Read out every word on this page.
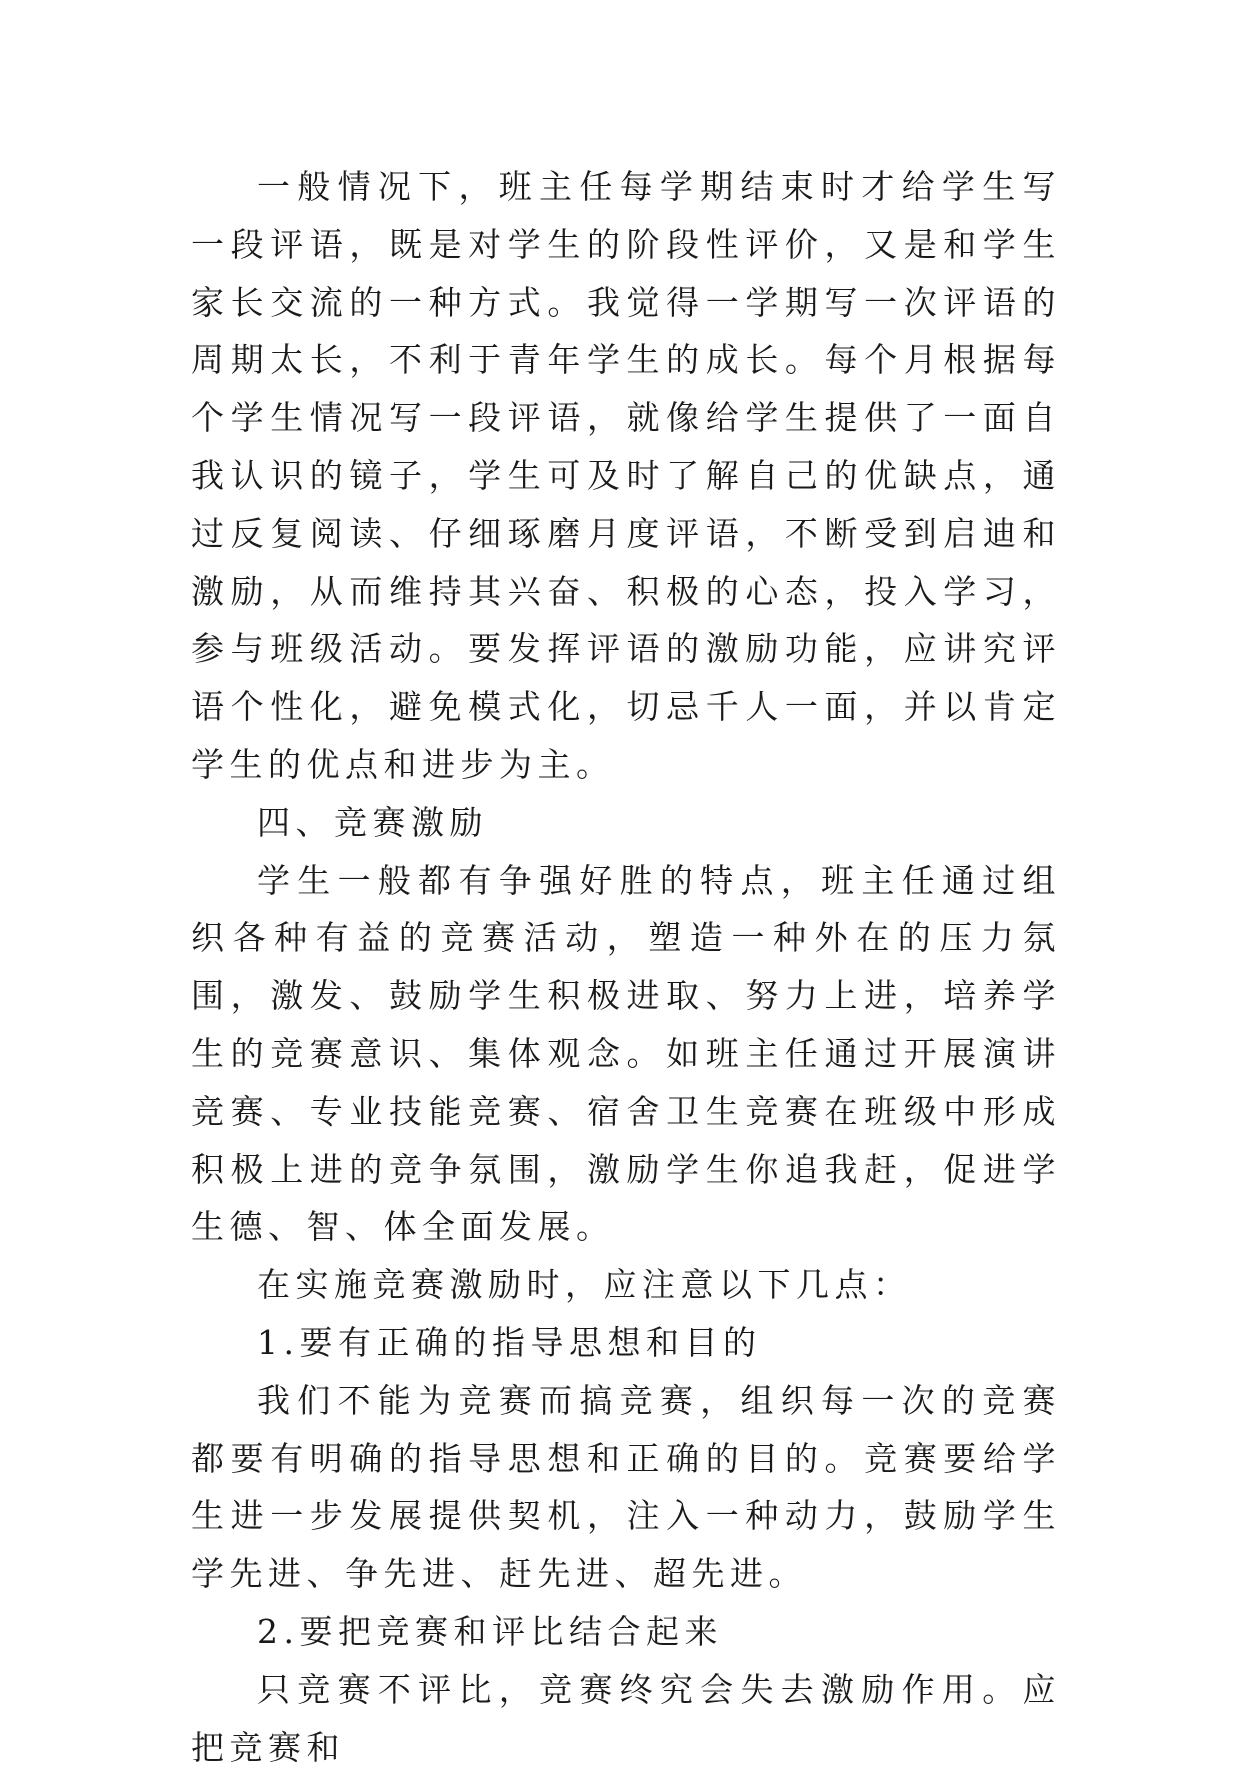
一般情况下，班主任每学期结束时才给学生写一段评语，既是对学生的阶段性评价，又是和学生家长交流的一种方式。我觉得一学期写一次评语的周期太长，不利于青年学生的成长。每个月根据每个学生情况写一段评语，就像给学生提供了一面自我认识的镜子，学生可及时了解自己的优缺点，通过反复阅读、仔细琢磨月度评语，不断受到启迪和激励，从而维持其兴奋、积极的心态，投入学习，参与班级活动。要发挥评语的激励功能，应讲究评语个性化，避免模式化，切忌千人一面，并以肯定学生的优点和进步为主。

四、竞赛激励

学生一般都有争强好胜的特点，班主任通过组织各种有益的竞赛活动，塑造一种外在的压力氛围，激发、鼓励学生积极进取、努力上进，培养学生的竞赛意识、集体观念。如班主任通过开展演讲竞赛、专业技能竞赛、宿舍卫生竞赛在班级中形成积极上进的竞争氛围，激励学生你追我赶，促进学生德、智、体全面发展。

在实施竞赛激励时，应注意以下几点：

1.要有正确的指导思想和目的

我们不能为竞赛而搞竞赛，组织每一次的竞赛都要有明确的指导思想和正确的目的。竞赛要给学生进一步发展提供契机，注入一种动力，鼓励学生学先进、争先进、赶先进、超先进。

2.要把竞赛和评比结合起来

只竞赛不评比，竞赛终究会失去激励作用。应把竞赛和
